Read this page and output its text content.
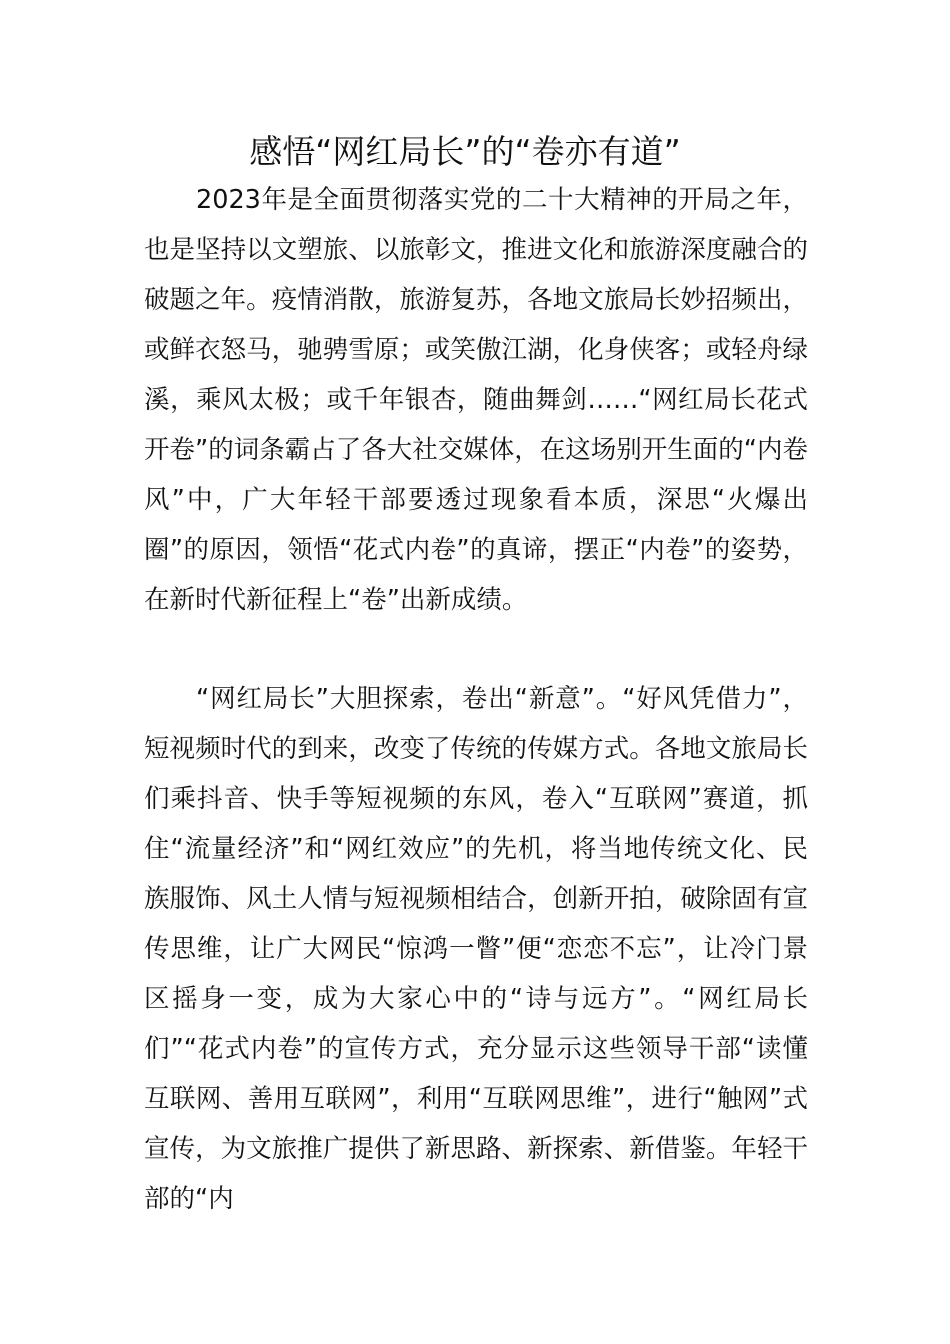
感悟“网红局长”的“卷亦有道”

2023年是全面贯彻落实党的二十大精神的开局之年，也是坚持以文塑旅、以旅彰文，推进文化和旅游深度融合的破题之年。疫情消散，旅游复苏，各地文旅局长妙招频出，或鲜衣怒马，驰骋雪原；或笑傲江湖，化身侠客；或轻舟绿溪，乘风太极；或千年银杏，随曲舞剑……“网红局长花式开卷”的词条霸占了各大社交媒体，在这场别开生面的“内卷风”中，广大年轻干部要透过现象看本质，深思“火爆出圈”的原因，领悟“花式内卷”的真谛，摆正“内卷”的姿势，在新时代新征程上“卷”出新成绩。

“网红局长”大胆探索，卷出“新意”。“好风凭借力”，短视频时代的到来，改变了传统的传媒方式。各地文旅局长们乘抖音、快手等短视频的东风，卷入“互联网”赛道，抓住“流量经济”和“网红效应”的先机，将当地传统文化、民族服饰、风土人情与短视频相结合，创新开拍，破除固有宣传思维，让广大网民“惊鸿一瞥”便“恋恋不忘”，让冷门景区摇身一变，成为大家心中的“诗与远方”。“网红局长们”“花式内卷”的宣传方式，充分显示这些领导干部“读懂互联网、善用互联网”，利用“互联网思维”，进行“触网”式宣传，为文旅推广提供了新思路、新探索、新借鉴。年轻干部的“内
